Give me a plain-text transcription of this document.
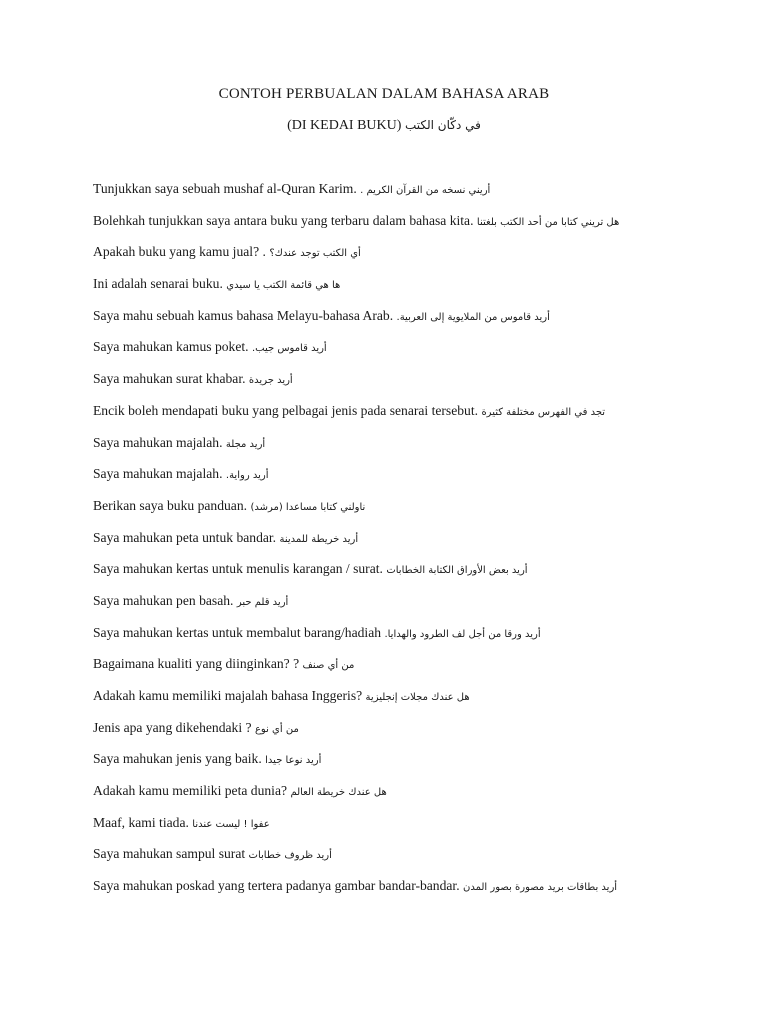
CONTOH PERBUALAN DALAM BAHASA ARAB
(DI KEDAI BUKU) في دكّان الكتب
Tunjukkan saya sebuah mushaf al-Quran Karim. أريني نسخه من القرآن الكريم .
Bolehkah tunjukkan saya antara buku yang terbaru dalam bahasa kita. هل تريني كتابا من أحد الكتب بلغتنا
Apakah buku yang kamu jual? . أي الكتب توجد عندك؟
Ini adalah senarai buku. ها هي قائمة الكتب يا سيدي
Saya mahu sebuah kamus bahasa Melayu-bahasa Arab. أريد قاموس من الملايوية إلى العربية.
Saya mahukan kamus poket. أريد قاموس جيب.
Saya mahukan surat khabar. أريد جريدة
Encik boleh mendapati buku yang pelbagai jenis pada senarai tersebut. تجد في الفهرس مختلفة كثيرة
Saya mahukan majalah. أريد مجلة
Saya mahukan majalah. أريد رواية.
Berikan saya buku panduan. ناولني كتابا مساعدا (مرشد)
Saya mahukan peta untuk bandar. أريد خريطة للمدينة
Saya mahukan kertas untuk menulis karangan / surat. أريد بعض الأوراق الكتابة الخطابات
Saya mahukan pen basah. أريد قلم حبر
Saya mahukan kertas untuk membalut barang/hadiah أريد ورقا من أجل لف الطرود والهدايا.
Bagaimana kualiti yang diinginkan? ? من أي صنف
Adakah kamu memiliki majalah bahasa Inggeris? هل عندك مجلات إنجليزية
Jenis apa yang dikehendaki ? من أي نوع
Saya mahukan jenis yang baik. أريد نوعا جيدا
Adakah kamu memiliki peta dunia? هل عندك خريطة العالم
Maaf, kami tiada. عفوا ! ليست عندنا
Saya mahukan sampul surat أريد ظروف خطابات
Saya mahukan poskad yang tertera padanya gambar bandar-bandar. أريد بطاقات بريد مصورة بصور المدن
